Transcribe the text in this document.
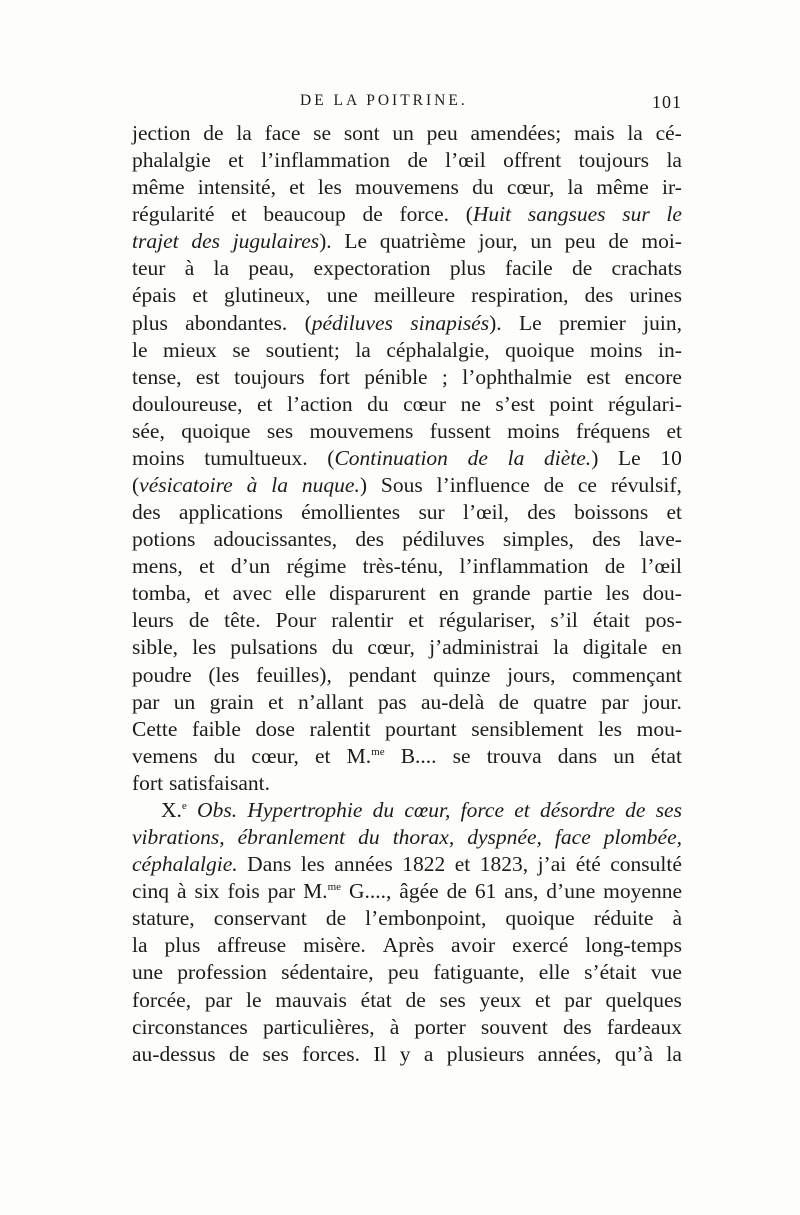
DE LA POITRINE.	101
jection de la face se sont un peu amendées; mais la cé-
phalalgie et l’inflammation de l’œil offrent toujours la
même intensité, et les mouvemens du cœur, la même ir-
régularité et beaucoup de force. (Huit sangsues sur le
trajet des jugulaires). Le quatrième jour, un peu de moi-
teur à la peau, expectoration plus facile de crachats
épais et glutineux, une meilleure respiration, des urines
plus abondantes. (pédiluves sinapisés). Le premier juin,
le mieux se soutient; la céphalalgie, quoique moins in-
tense, est toujours fort pénible ; l’ophthalmie est encore
douloureuse, et l’action du cœur ne s’est point régulari-
sée, quoique ses mouvemens fussent moins fréquens et
moins tumultueux. (Continuation de la diète.) Le 10
(vésicatoire à la nuque.) Sous l’influence de ce révulsif,
des applications émollientes sur l’œil, des boissons et
potions adoucissantes, des pédiluves simples, des lave-
mens, et d’un régime très-ténu, l’inflammation de l’œil
tomba, et avec elle disparurent en grande partie les dou-
leurs de tête. Pour ralentir et régulariser, s’il était pos-
sible, les pulsations du cœur, j’administrai la digitale en
poudre (les feuilles), pendant quinze jours, commençant
par un grain et n’allant pas au-delà de quatre par jour.
Cette faible dose ralentit pourtant sensiblement les mou-
vemens du cœur, et M.$^{me}$ B.... se trouva dans un état
fort satisfaisant.
X.$^e$ Obs. Hypertrophie du cœur, force et désordre de ses
vibrations, ébranlement du thorax, dyspnée, face plombée,
céphalalgie. Dans les années 1822 et 1823, j’ai été consulté
cinq à six fois par M.$^{me}$ G...., âgée de 61 ans, d’une moyenne
stature, conservant de l’embonpoint, quoique réduite à
la plus affreuse misère. Après avoir exercé long-temps
une profession sédentaire, peu fatiguante, elle s’était vue
forcée, par le mauvais état de ses yeux et par quelques
circonstances particulières, à porter souvent des fardeaux
au-dessus de ses forces. Il y a plusieurs années, qu’à la
